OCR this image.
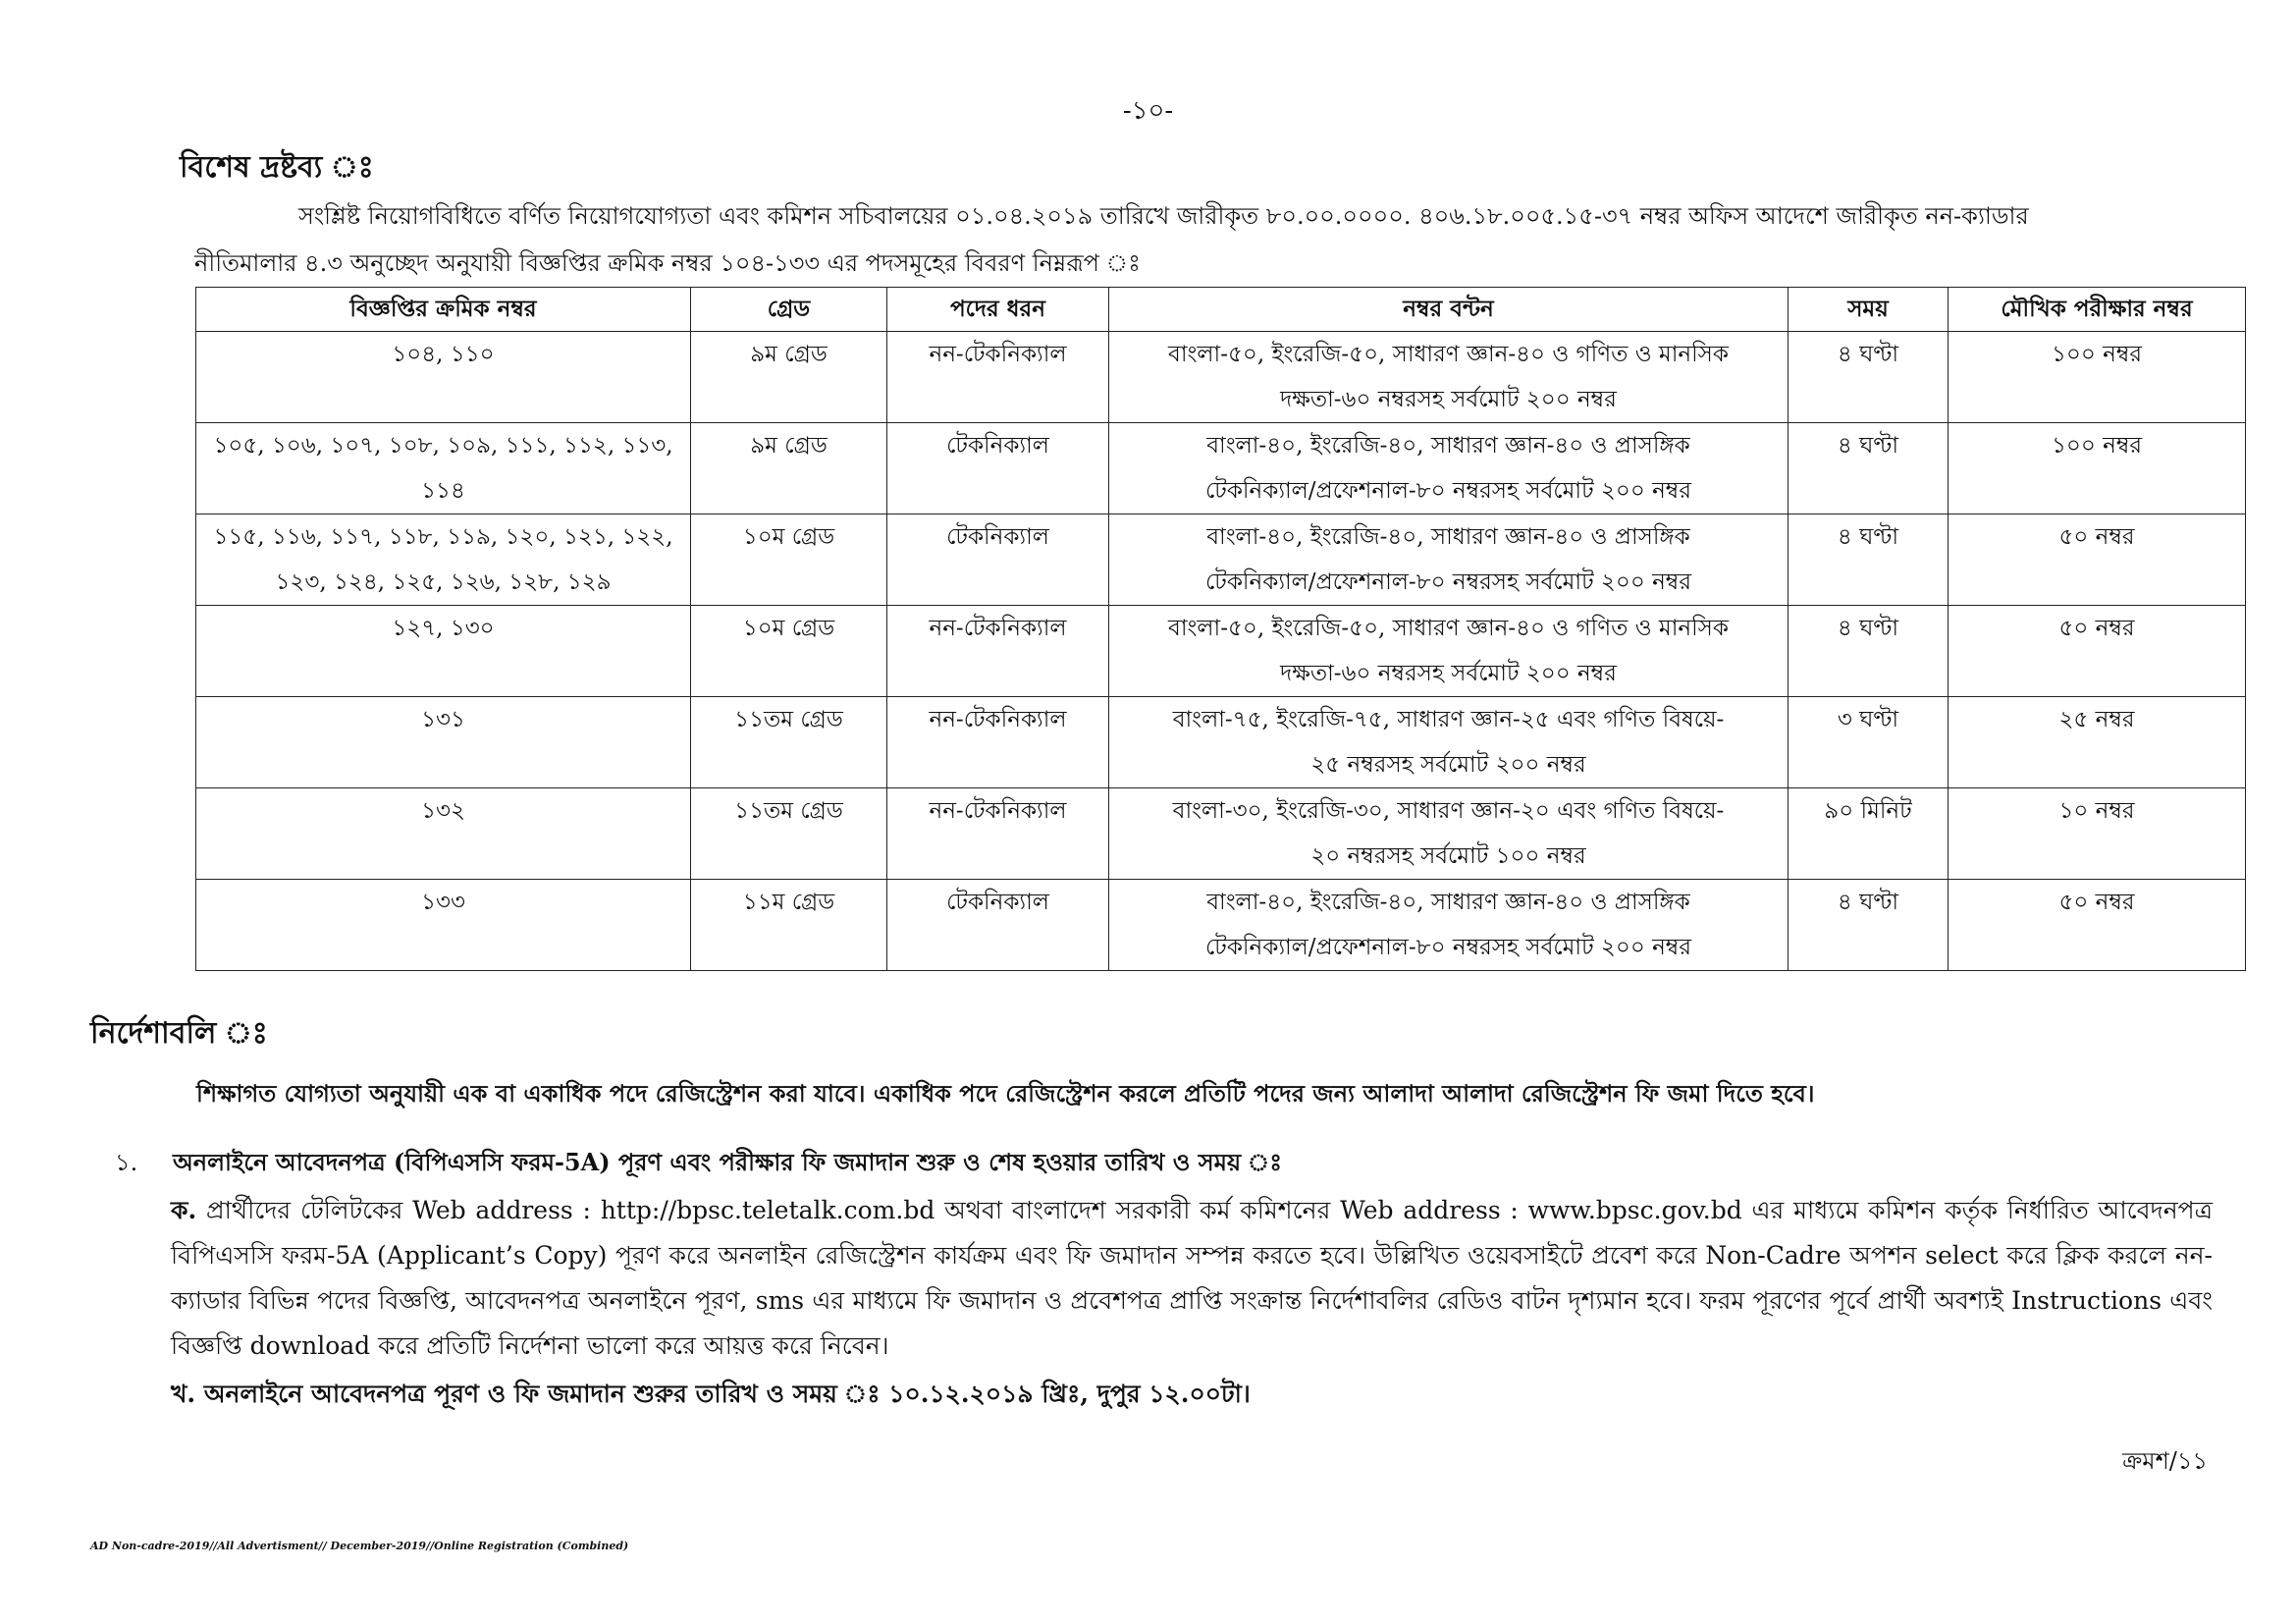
-১০-
বিশেষ দ্রষ্টব্য ঃ
সংশ্লিষ্ট নিয়োগবিধিতে বর্ণিত নিয়োগযোগ্যতা এবং কমিশন সচিবালয়ের ০১.০৪.২০১৯ তারিখে জারীকৃত ৮০.০০.০০০০. ৪০৬.১৮.০০৫.১৫-৩৭ নম্বর অফিস আদেশে জারীকৃত নন-ক্যাডার
নীতিমালার ৪.৩ অনুচ্ছেদ অনুযায়ী বিজ্ঞপ্তির ক্রমিক নম্বর ১০৪-১৩৩ এর পদসমূহের বিবরণ নিম্নরূপ ঃ
বিজ্ঞপ্তির ক্রমিক নম্বর	গ্রেড	পদের ধরন	নম্বর বন্টন	সময়	মৌখিক পরীক্ষার নম্বর
১০৪, ১১০	৯ম গ্রেড	নন-টেকনিক্যাল	বাংলা-৫০, ইংরেজি-৫০, সাধারণ জ্ঞান-৪০ ও গণিত ও মানসিক
দক্ষতা-৬০ নম্বরসহ সর্বমোট ২০০ নম্বর	৪ ঘণ্টা	১০০ নম্বর
১০৫, ১০৬, ১০৭, ১০৮, ১০৯, ১১১, ১১২, ১১৩, ১১৪	৯ম গ্রেড	টেকনিক্যাল	বাংলা-৪০, ইংরেজি-৪০, সাধারণ জ্ঞান-৪০ ও প্রাসঙ্গিক
টেকনিক্যাল/প্রফেশনাল-৮০ নম্বরসহ সর্বমোট ২০০ নম্বর	৪ ঘণ্টা	১০০ নম্বর
১১৫, ১১৬, ১১৭, ১১৮, ১১৯, ১২০, ১২১, ১২২, ১২৩, ১২৪, ১২৫, ১২৬, ১২৮, ১২৯	১০ম গ্রেড	টেকনিক্যাল	বাংলা-৪০, ইংরেজি-৪০, সাধারণ জ্ঞান-৪০ ও প্রাসঙ্গিক
টেকনিক্যাল/প্রফেশনাল-৮০ নম্বরসহ সর্বমোট ২০০ নম্বর	৪ ঘণ্টা	৫০ নম্বর
১২৭, ১৩০	১০ম গ্রেড	নন-টেকনিক্যাল	বাংলা-৫০, ইংরেজি-৫০, সাধারণ জ্ঞান-৪০ ও গণিত ও মানসিক
দক্ষতা-৬০ নম্বরসহ সর্বমোট ২০০ নম্বর	৪ ঘণ্টা	৫০ নম্বর
১৩১	১১তম গ্রেড	নন-টেকনিক্যাল	বাংলা-৭৫, ইংরেজি-৭৫, সাধারণ জ্ঞান-২৫ এবং গণিত বিষয়ে-
২৫ নম্বরসহ সর্বমোট ২০০ নম্বর	৩ ঘণ্টা	২৫ নম্বর
১৩২	১১তম গ্রেড	নন-টেকনিক্যাল	বাংলা-৩০, ইংরেজি-৩০, সাধারণ জ্ঞান-২০ এবং গণিত বিষয়ে-
২০ নম্বরসহ সর্বমোট ১০০ নম্বর	৯০ মিনিট	১০ নম্বর
১৩৩	১১ম গ্রেড	টেকনিক্যাল	বাংলা-৪০, ইংরেজি-৪০, সাধারণ জ্ঞান-৪০ ও প্রাসঙ্গিক
টেকনিক্যাল/প্রফেশনাল-৮০ নম্বরসহ সর্বমোট ২০০ নম্বর	৪ ঘণ্টা	৫০ নম্বর
নির্দেশাবলি ঃ
শিক্ষাগত যোগ্যতা অনুযায়ী এক বা একাধিক পদে রেজিস্ট্রেশন করা যাবে। একাধিক পদে রেজিস্ট্রেশন করলে প্রতিটি পদের জন্য আলাদা আলাদা রেজিস্ট্রেশন ফি জমা দিতে হবে।
১. অনলাইনে আবেদনপত্র (বিপিএসসি ফরম-5A) পূরণ এবং পরীক্ষার ফি জমাদান শুরু ও শেষ হওয়ার তারিখ ও সময় ঃ
ক. প্রার্থীদের টেলিটকের Web address : http://bpsc.teletalk.com.bd অথবা বাংলাদেশ সরকারী কর্ম কমিশনের Web address : www.bpsc.gov.bd এর মাধ্যমে কমিশন কর্তৃক নির্ধারিত আবেদনপত্র বিপিএসসি ফরম-5A (Applicant’s Copy) পূরণ করে অনলাইন রেজিস্ট্রেশন কার্যক্রম এবং ফি জমাদান সম্পন্ন করতে হবে। উল্লিখিত ওয়েবসাইটে প্রবেশ করে Non-Cadre অপশন select করে ক্লিক করলে নন-ক্যাডার বিভিন্ন পদের বিজ্ঞপ্তি, আবেদনপত্র অনলাইনে পূরণ, sms এর মাধ্যমে ফি জমাদান ও প্রবেশপত্র প্রাপ্তি সংক্রান্ত নির্দেশাবলির রেডিও বাটন দৃশ্যমান হবে। ফরম পূরণের পূর্বে প্রার্থী অবশ্যই Instructions এবং বিজ্ঞপ্তি download করে প্রতিটি নির্দেশনা ভালো করে আয়ত্ত করে নিবেন।
খ. অনলাইনে আবেদনপত্র পূরণ ও ফি জমাদান শুরুর তারিখ ও সময় ঃ ১০.১২.২০১৯ খ্রিঃ, দুপুর ১২.০০টা।
ক্রমশ/১১
AD Non-cadre-2019//All Advertisment// December-2019//Online Registration (Combined)
